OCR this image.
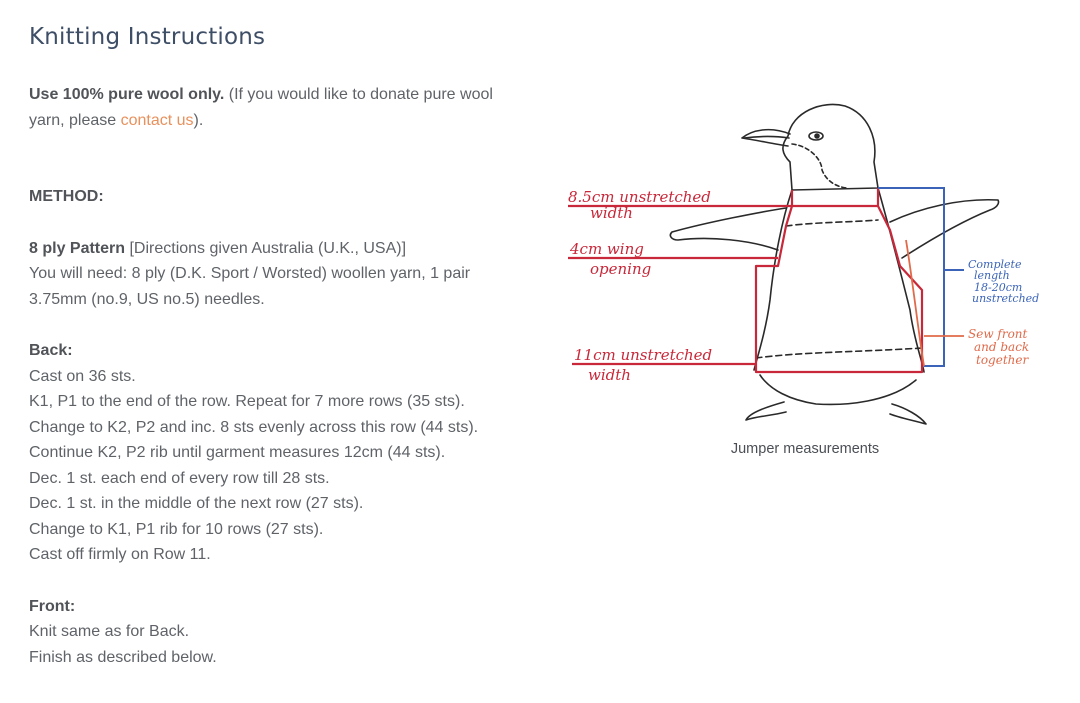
Knitting Instructions

Use 100% pure wool only. (If you would like to donate pure wool yarn, please contact us).

METHOD:

8 ply Pattern [Directions given Australia (U.K., USA)]

You will need: 8 ply (D.K. Sport / Worsted) woollen yarn, 1 pair 3.75mm (no.9, US no.5) needles.

Back:

Cast on 36 sts.

K1, P1 to the end of the row. Repeat for 7 more rows (35 sts).

Change to K2, P2 and inc. 8 sts evenly across this row (44 sts).

Continue K2, P2 rib until garment measures 12cm (44 sts).

Dec. 1 st. each end of every row till 28 sts.

Dec. 1 st. in the middle of the next row (27 sts).

Change to K1, P1 rib for 10 rows (27 sts).

Cast off firmly on Row 11.

Front:

Knit same as for Back.

Finish as described below.

8.5cm unstretched
width
4cm wing
opening
11cm unstretched
width
Complete
length
18-20cm
unstretched
Sew front
and back
together
Jumper measurements
